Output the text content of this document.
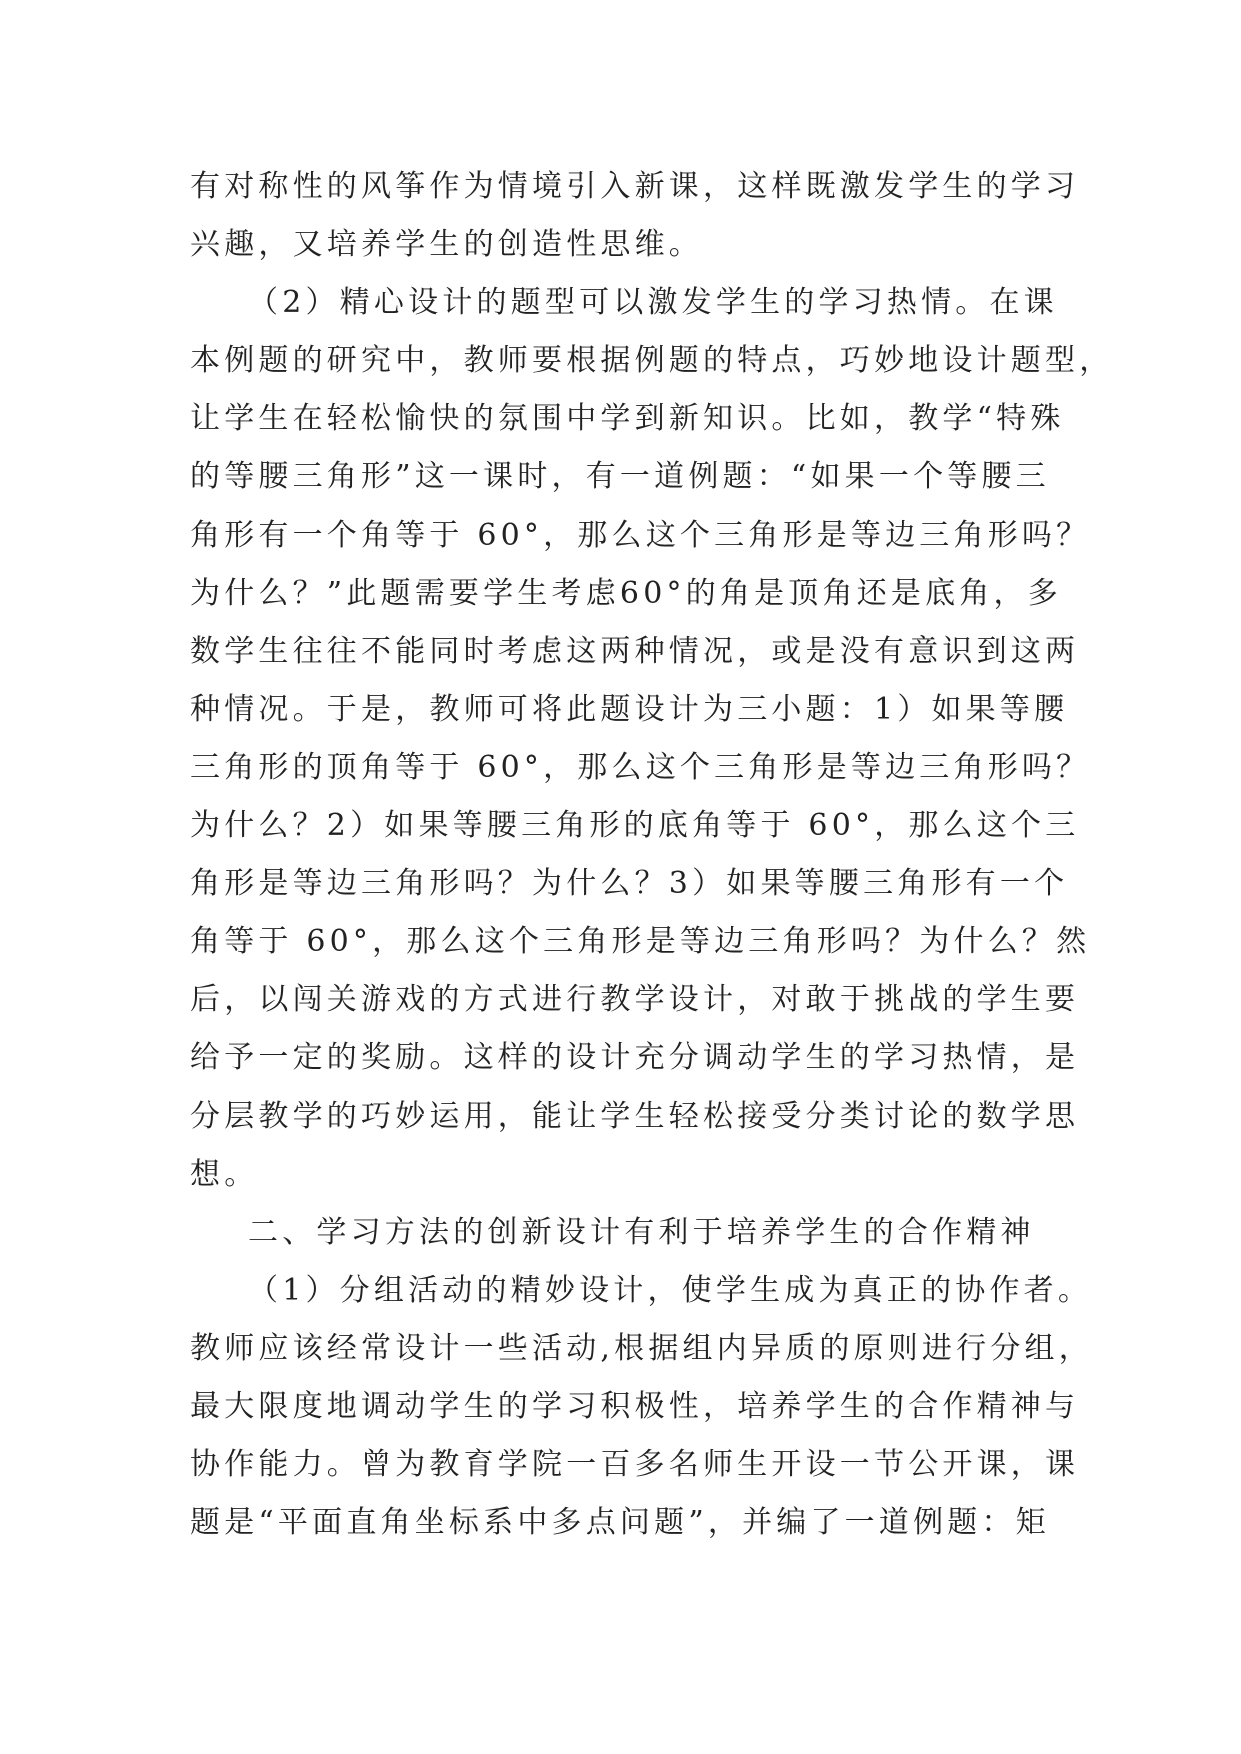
有对称性的风筝作为情境引入新课，这样既激发学生的学习

兴趣，又培养学生的创造性思维。

（2）精心设计的题型可以激发学生的学习热情。在课

本例题的研究中，教师要根据例题的特点，巧妙地设计题型，

让学生在轻松愉快的氛围中学到新知识。比如，教学“特殊

的等腰三角形”这一课时，有一道例题：“如果一个等腰三

角形有一个角等于 60°，那么这个三角形是等边三角形吗？

为什么？”此题需要学生考虑60°的角是顶角还是底角，多

数学生往往不能同时考虑这两种情况，或是没有意识到这两

种情况。于是，教师可将此题设计为三小题：1）如果等腰

三角形的顶角等于 60°，那么这个三角形是等边三角形吗？

为什么？2）如果等腰三角形的底角等于 60°，那么这个三

角形是等边三角形吗？为什么？3）如果等腰三角形有一个

角等于 60°，那么这个三角形是等边三角形吗？为什么？然

后，以闯关游戏的方式进行教学设计，对敢于挑战的学生要

给予一定的奖励。这样的设计充分调动学生的学习热情，是

分层教学的巧妙运用，能让学生轻松接受分类讨论的数学思

想。

二、学习方法的创新设计有利于培养学生的合作精神

（1）分组活动的精妙设计，使学生成为真正的协作者。

教师应该经常设计一些活动,根据组内异质的原则进行分组，

最大限度地调动学生的学习积极性，培养学生的合作精神与

协作能力。曾为教育学院一百多名师生开设一节公开课，课

题是“平面直角坐标系中多点问题”，并编了一道例题：矩
